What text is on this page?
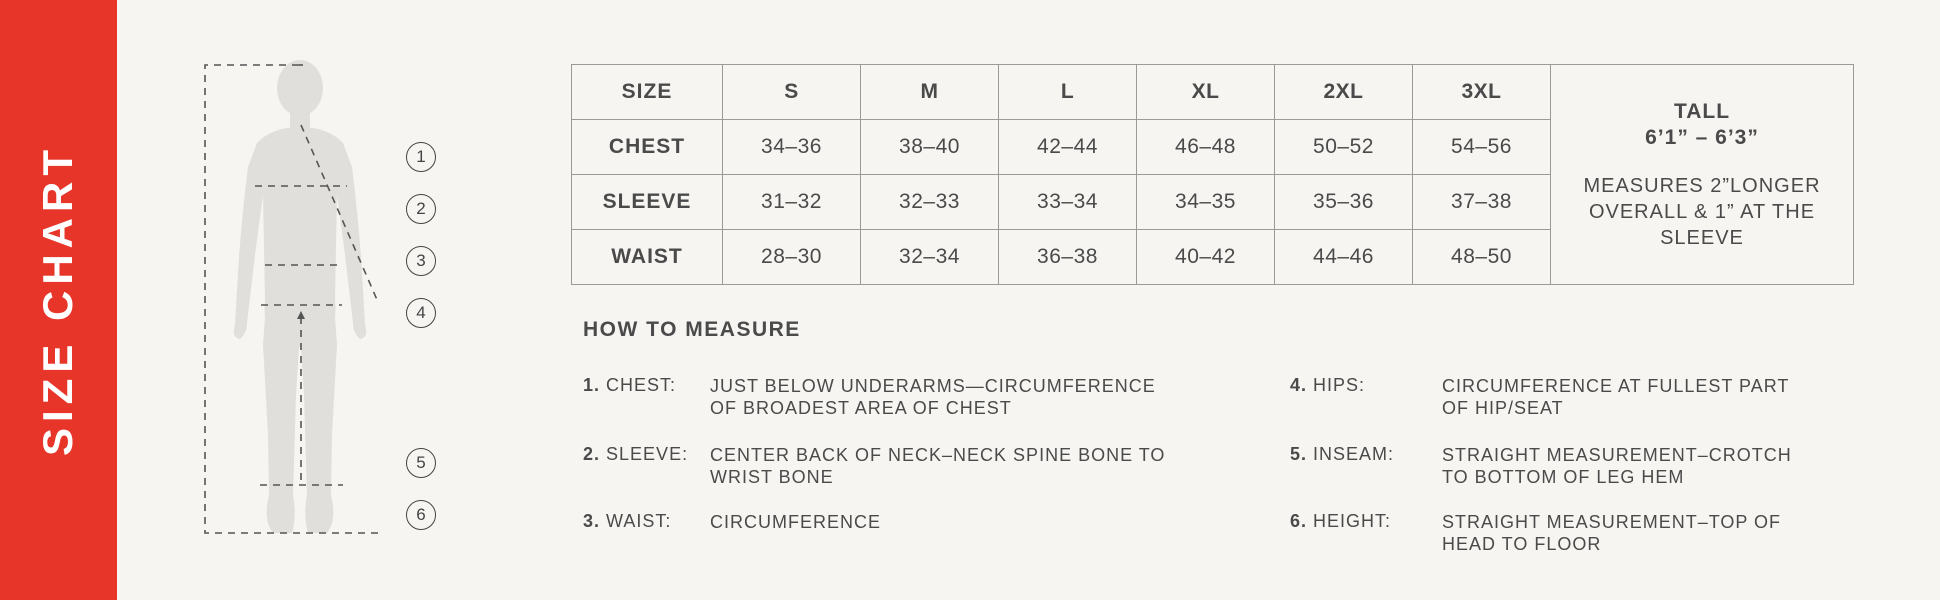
SIZE CHART	1
2
3
4
5
6
SIZE	S	M	L	XL	2XL	3XL	TALL
6’1” – 6’3”
MEASURES 2”LONGER OVERALL & 1” AT THE SLEEVE

CHEST	34–36	38–40	42–44	46–48	50–52	54–56	
SLEEVE	31–32	32–33	33–34	34–35	35–36	37–38	
WAIST	28–30	32–34	36–38	40–42	44–46	48–50	
HOW TO MEASURE
1. CHEST: JUST BELOW UNDERARMS—CIRCUMFERENCE OF BROADEST AREA OF CHEST
2. SLEEVE: CENTER BACK OF NECK–NECK SPINE BONE TO WRIST BONE
3. WAIST: CIRCUMFERENCE
4. HIPS:	CIRCUMFERENCE AT FULLEST PART OF HIP/SEAT
5. INSEAM:	STRAIGHT MEASUREMENT–CROTCH TO BOTTOM OF LEG HEM
6. HEIGHT:	STRAIGHT MEASUREMENT–TOP OF HEAD TO FLOOR
